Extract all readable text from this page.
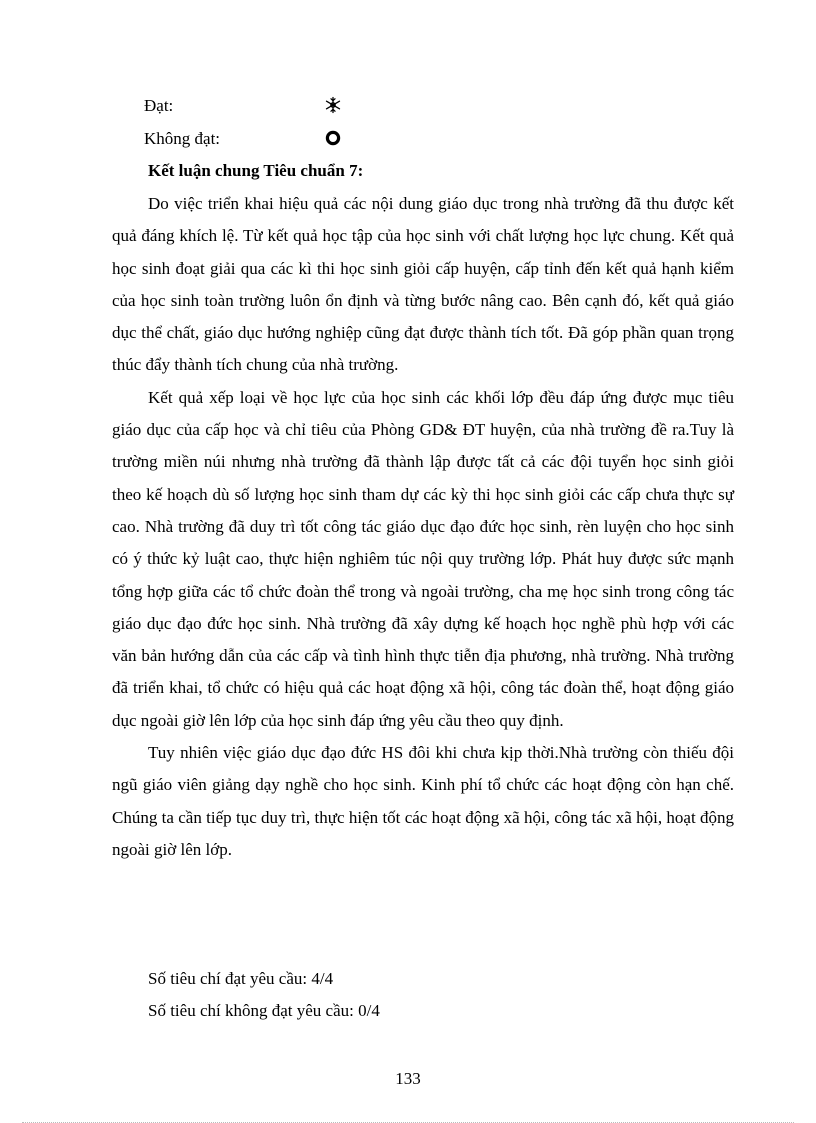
Đạt:
Không đạt:
Kết luận chung Tiêu chuẩn 7:

Do việc triển khai hiệu quả các nội dung giáo dục trong nhà trường đã thu được kết quả đáng khích lệ. Từ kết quả học tập của học sinh với chất lượng học lực chung. Kết quả học sinh đoạt giải qua các kì thi học sinh giỏi cấp huyện, cấp tỉnh đến kết quả hạnh kiểm của học sinh toàn trường luôn ổn định và từng bước nâng cao. Bên cạnh đó, kết quả giáo dục thể chất, giáo dục hướng nghiệp cũng đạt được thành tích tốt. Đã góp phần quan trọng thúc đẩy thành tích chung của nhà trường.

Kết quả xếp loại về học lực của học sinh các khối lớp đều đáp ứng được mục tiêu giáo dục của cấp học và chỉ tiêu của Phòng GD& ĐT huyện, của nhà trường đề ra.Tuy là trường miền núi nhưng nhà trường đã thành lập được tất cả các đội tuyển học sinh giỏi theo kế hoạch dù số lượng học sinh tham dự các kỳ thi học sinh giỏi các cấp chưa thực sự cao. Nhà trường đã duy trì tốt công tác giáo dục đạo đức học sinh, rèn luyện cho học sinh có ý thức kỷ luật cao, thực hiện nghiêm túc nội quy trường lớp. Phát huy được sức mạnh tổng hợp giữa các tổ chức đoàn thể trong và ngoài trường, cha mẹ học sinh trong công tác giáo dục đạo đức học sinh. Nhà trường đã xây dựng kế hoạch học nghề phù hợp với các văn bản hướng dẫn của các cấp và tình hình thực tiễn địa phương, nhà trường. Nhà trường đã triển khai, tổ chức có hiệu quả các hoạt động xã hội, công tác đoàn thể, hoạt động giáo dục ngoài giờ lên lớp của học sinh đáp ứng yêu cầu theo quy định.

Tuy nhiên việc giáo dục đạo đức HS đôi khi chưa kịp thời.Nhà trường còn thiếu đội ngũ giáo viên giảng dạy nghề cho học sinh. Kinh phí tổ chức các hoạt động còn hạn chế. Chúng ta cần tiếp tục duy trì, thực hiện tốt các hoạt động xã hội, công tác xã hội, hoạt động ngoài giờ lên lớp.

Số tiêu chí đạt yêu cầu: 4/4
Số tiêu chí không đạt yêu cầu: 0/4
133
